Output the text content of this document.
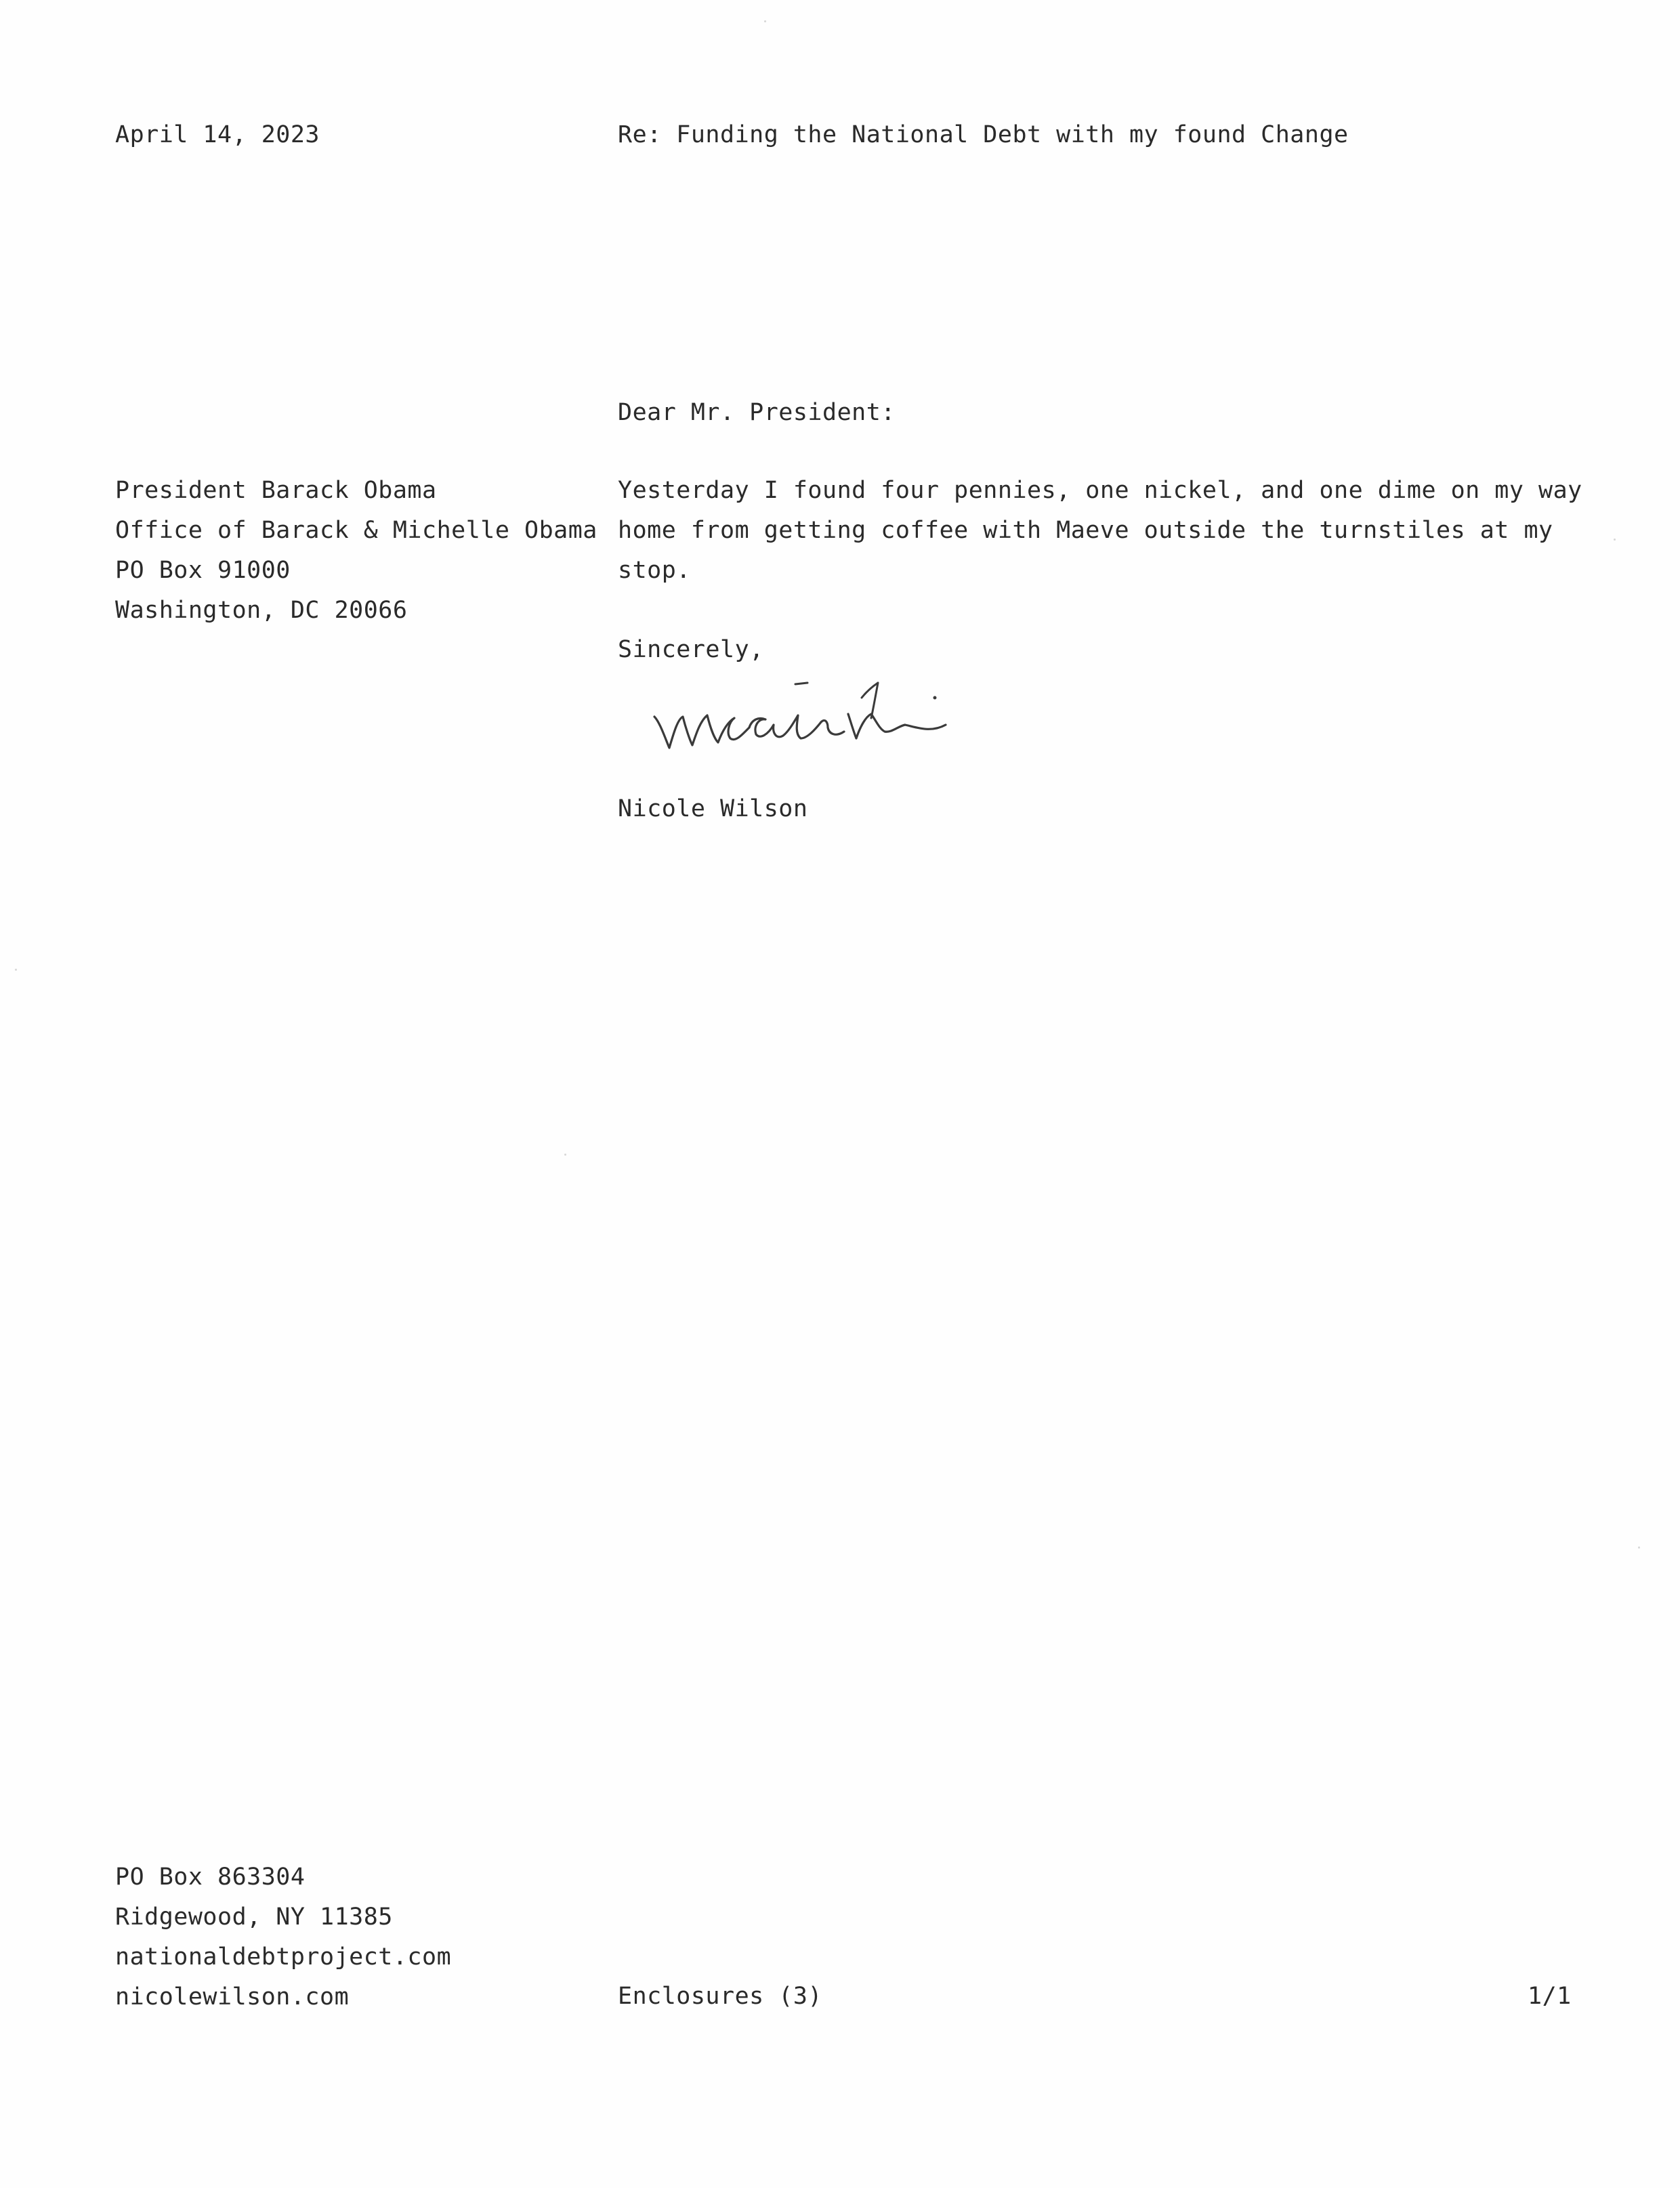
April 14, 2023	Re: Funding the National Debt with my found Change
Dear Mr. President:
President Barack Obama
Office of Barack & Michelle Obama
PO Box 91000
Washington, DC 20066
Yesterday I found four pennies, one nickel, and one dime on my way
home from getting coffee with Maeve outside the turnstiles at my
stop.
Sincerely,
Nicole Wilson
PO Box 863304
Ridgewood, NY 11385
nationaldebtproject.com
nicolewilson.com	Enclosures (3)	1/1
